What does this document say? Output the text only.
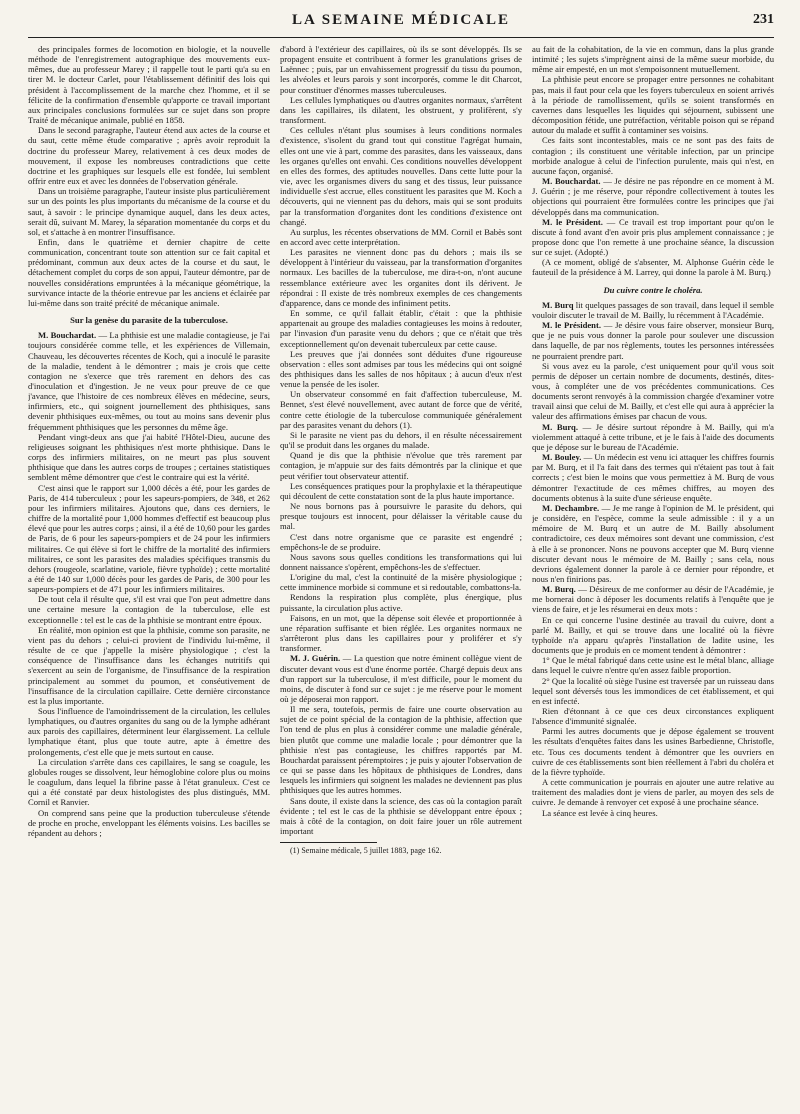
LA SEMAINE MÉDICALE	231

des principales formes de locomotion en biologie, et la nouvelle méthode de l'enregistrement autographique des mouvements eux-mêmes, due au professeur Marey ; il rappelle tout le parti qu'a su en tirer M. le docteur Carlet, pour l'établissement définitif des lois qui président à l'accomplissement de la marche chez l'homme, et il se félicite de la confirmation d'ensemble qu'apporte ce travail important aux principales conclusions formulées sur ce sujet dans son propre Traité de mécanique animale, publié en 1858.

Dans le second paragraphe, l'auteur étend aux actes de la course et du saut, cette même étude comparative ; après avoir reproduit la doctrine du professeur Marey, relativement à ces deux modes de mouvement, il expose les nombreuses contradictions que cette doctrine et les graphiques sur lesquels elle est fondée, lui semblent offrir entre eux et avec les données de l'observation générale.

Dans un troisième paragraphe, l'auteur insiste plus particulièrement sur un des points les plus importants du mécanisme de la course et du saut, à savoir : le principe dynamique auquel, dans les deux actes, serait dû, suivant M. Marey, la séparation momentanée du corps et du sol, et s'attache à en montrer l'insuffisance.

Enfin, dans le quatrième et dernier chapitre de cette communication, concentrant toute son attention sur ce fait capital et prédominant, commun aux deux actes de la course et du saut, le détachement complet du corps de son appui, l'auteur démontre, par de nouvelles considérations empruntées à la mécanique géométrique, la survivance intacte de la théorie entrevue par les anciens et éclairée par lui-même dans son traité précité de mécanique animale.

Sur la genèse du parasite de la tuberculose.

M. Bouchardat. — La phthisie est une maladie contagieuse, je l'ai toujours considérée comme telle, et les expériences de Villemain, Chauveau, les découvertes récentes de Koch, qui a inoculé le parasite de la maladie, tendent à le démontrer ; mais je crois que cette contagion ne s'exerce que très rarement en dehors des cas d'inoculation et d'ingestion. Je ne veux pour preuve de ce que j'avance, que l'histoire de ces nombreux élèves en médecine, seurs, infirmiers, etc., qui soignent journellement des phthisiques, sans devenir phthisiques eux-mêmes, ou tout au moins sans devenir plus fréquemment phthisiques que les personnes du même âge.

Pendant vingt-deux ans que j'ai habité l'Hôtel-Dieu, aucune des religieuses soignant les phthisiques n'est morte phthisique. Dans le corps des infirmiers militaires, on ne meurt pas plus souvent phthisique que dans les autres corps de troupes ; certaines statistiques semblent même démontrer que c'est le contraire qui est la vérité.

C'est ainsi que le rapport sur 1,000 décès a été, pour les gardes de Paris, de 414 tuberculeux ; pour les sapeurs-pompiers, de 348, et 262 pour les infirmiers militaires. Ajoutons que, dans ces derniers, le chiffre de la mortalité pour 1,000 hommes d'effectif est beaucoup plus élevé que pour les autres corps ; ainsi, il a été de 10,60 pour les gardes de Paris, de 6 pour les sapeurs-pompiers et de 24 pour les infirmiers militaires. Ce qui élève si fort le chiffre de la mortalité des infirmiers militaires, ce sont les parasites des maladies spécifiques transmis du dehors (rougeole, scarlatine, variole, fièvre typhoïde) ; cette mortalité a été de 140 sur 1,000 décès pour les gardes de Paris, de 300 pour les sapeurs-pompiers et de 471 pour les infirmiers militaires.

De tout cela il résulte que, s'il est vrai que l'on peut admettre dans une certaine mesure la contagion de la tuberculose, elle est exceptionnelle : tel est le cas de la phthisie se montrant entre époux.

En réalité, mon opinion est que la phthisie, comme son parasite, ne vient pas du dehors ; celui-ci provient de l'individu lui-même, il résulte de ce que j'appelle la misère physiologique ; c'est la conséquence de l'insuffisance dans les échanges nutritifs qui s'exercent au sein de l'organisme, de l'insuffisance de la respiration principalement au sommet du poumon, et conséutivement de l'insuffisance de la circulation capillaire. Cette dernière circonstance est la plus importante.

Sous l'influence de l'amoindrissement de la circulation, les cellules lymphatiques, ou d'autres organites du sang ou de la lymphe adhérant aux parois des capillaires, déterminent leur élargissement. La cellule lymphatique étant, plus que toute autre, apte à émettre des prolongements, c'est elle que je mets surtout en cause.

La circulation s'arrête dans ces capillaires, le sang se coagule, les globules rouges se dissolvent, leur hémoglobine colore plus ou moins le coagulum, dans lequel la fibrine passe à l'état granuleux. C'est ce qui a été constaté par deux histologistes des plus distingués, MM. Cornil et Ranvier.

On comprend sans peine que la production tuberculeuse s'étende de proche en proche, enveloppant les éléments voisins. Les bacilles se répandent au dehors ;

d'abord à l'extérieur des capillaires, où ils se sont développés. Ils se propagent ensuite et contribuent à former les granulations grises de Laënnec ; puis, par un envahissement progressif du tissu du poumon, les alvéoles et leurs parois y sont incorporés, comme le dit Charcot, pour constituer d'énormes masses tuberculeuses.

Les cellules lymphatiques ou d'autres organites normaux, s'arrêtent dans les capillaires, ils dilatent, les obstruent, y prolifèrent, s'y transforment.

Ces cellules n'étant plus soumises à leurs conditions normales d'existence, s'isolent du grand tout qui constitue l'agrégat humain, elles ont une vie à part, comme des parasites, dans les vaisseaux, dans les organes qu'elles ont envahi. Ces conditions nouvelles développent en elles des formes, des aptitudes nouvelles. Dans cette lutte pour la vie, avec les organismes divers du sang et des tissus, leur puissance individuelle s'est accrue, elles constituent les parasites que M. Koch a découverts, qui ne viennent pas du dehors, mais qui se sont produits par la transformation d'organites dont les conditions d'existence ont changé.

Au surplus, les récentes observations de MM. Cornil et Babès sont en accord avec cette interprétation.

Les parasites ne viennent donc pas du dehors ; mais ils se développent à l'intérieur du vaisseau, par la transformation d'organites normaux. Les bacilles de la tuberculose, me dira-t-on, n'ont aucune ressemblance extérieure avec les organites dont ils dérivent. Je répondrai : Il existe de très nombreux exemples de ces changements d'apparence, dans ce monde des infiniment petits.

En somme, ce qu'il fallait établir, c'était : que la phthisie appartenait au groupe des maladies contagieuses les moins à redouter, par l'invasion d'un parasite venu du dehors ; que ce n'était que très exceptionnellement qu'on devenait tuberculeux par cette cause.

Les preuves que j'ai données sont déduites d'une rigoureuse observation : elles sont admises par tous les médecins qui ont soigné des phthisiques dans les salles de nos hôpitaux ; à aucun d'eux n'est venue la pensée de les isoler.

Un observateur consommé en fait d'affection tuberculeuse, M. Bennet, s'est élevé nouvellement, avec autant de force que de vérité, contre cette étiologie de la tuberculose communiquée généralement par des parasites venant du dehors (1).

Si le parasite ne vient pas du dehors, il en résulte nécessairement qu'il se produit dans les organes du malade.

Quand je dis que la phthisie n'évolue que très rarement par contagion, je m'appuie sur des faits démontrés par la clinique et que peut vérifier tout observateur attentif.

Les conséquences pratiques pour la prophylaxie et la thérapeutique qui découlent de cette constatation sont de la plus haute importance.

Ne nous bornons pas à poursuivre le parasite du dehors, qui presque toujours est innocent, pour délaisser la véritable cause du mal.

C'est dans notre organisme que ce parasite est engendré ; empêchons-le de se produire.

Nous savons sous quelles conditions les transformations qui lui donnent naissance s'opèrent, empêchons-les de s'effectuer.

L'origine du mal, c'est la continuité de la misère physiologique ; cette imminence morbide si commune et si redoutable, combattons-la.

Rendons la respiration plus complète, plus énergique, plus puissante, la circulation plus active.

Faisons, en un mot, que la dépense soit élevée et proportionnée à une réparation suffisante et bien réglée. Les organites normaux ne s'arrêteront plus dans les capillaires pour y proliférer et s'y transformer.

M. J. Guérin. — La question que notre éminent collègue vient de discuter devant vous est d'une énorme portée. Chargé depuis deux ans d'un rapport sur la tuberculose, il m'est difficile, pour le moment du moins, de discuter à fond sur ce sujet : je me réserve pour le moment où je déposerai mon rapport.

Il me sera, toutefois, permis de faire une courte observation au sujet de ce point spécial de la contagion de la phthisie, affection que l'on tend de plus en plus à considérer comme une maladie générale, bien plutôt que comme une maladie locale ; pour démontrer que la phthisie n'est pas contagieuse, les chiffres rapportés par M. Bouchardat paraissent péremptoires ; je puis y ajouter l'observation de ce qui se passe dans les hôpitaux de phthisiques de Londres, dans lesquels les infirmiers qui soignent les malades ne deviennent pas plus phthisiques que les autres hommes.

Sans doute, il existe dans la science, des cas où la contagion paraît évidente ; tel est le cas de la phthisie se développant entre époux ; mais à côté de la contagion, on doit faire jouer un rôle autrement important

(1) Semaine médicale, 5 juillet 1883, page 162.

au fait de la cohabitation, de la vie en commun, dans la plus grande intimité ; les sujets s'imprègnent ainsi de la même sueur morbide, du même air empesté, en un mot s'empoisonnent mutuellement.

La phthisie peut encore se propager entre personnes ne cohabitant pas, mais il faut pour cela que les foyers tuberculeux en soient arrivés à la période de ramollissement, qu'ils se soient transformés en cavernes dans lesquelles les liquides qui séjournent, subissent une décomposition fétide, une putréfaction, véritable poison qui se répand autour du malade et suffit à contaminer ses voisins.

Ces faits sont incontestables, mais ce ne sont pas des faits de contagion ; ils constituent une véritable infection, par un principe morbide analogue à celui de l'infection purulente, mais qui n'est, en aucune façon, organisé.

M. Bouchardat. — Je désire ne pas répondre en ce moment à M. J. Guérin ; je me réserve, pour répondre collectivement à toutes les objections qui pourraient être formulées contre les principes que j'ai développés dans ma communication.

M. le Président. — Ce travail est trop important pour qu'on le discute à fond avant d'en avoir pris plus amplement connaissance ; je propose donc que l'on remette à une prochaine séance, la discussion sur ce sujet. (Adopté.)

(A ce moment, obligé de s'absenter, M. Alphonse Guérin cède le fauteuil de la présidence à M. Larrey, qui donne la parole à M. Burq.)

Du cuivre contre le choléra.

M. Burq lit quelques passages de son travail, dans lequel il semble vouloir discuter le travail de M. Bailly, lu récemment à l'Académie.

M. le Président. — Je désire vous faire observer, monsieur Burq, que je ne puis vous donner la parole pour soulever une discussion dans laquelle, de par nos règlements, toutes les personnes intéressées ne pourraient prendre part.

Si vous avez eu la parole, c'est uniquement pour qu'il vous soit permis de déposer un certain nombre de documents, destinés, dites-vous, à compléter une de vos précédentes communications. Ces documents seront renvoyés à la commission chargée d'examiner votre travail ainsi que celui de M. Bailly, et c'est elle qui aura à apprécier la valeur des affirmations émises par chacun de vous.

M. Burq. — Je désire surtout répondre à M. Bailly, qui m'a violemment attaqué à cette tribune, et je le fais à l'aide des documents que je dépose sur le bureau de l'Académie.

M. Bouley. — Un médecin est venu ici attaquer les chiffres fournis par M. Burq, et il l'a fait dans des termes qui n'étaient pas tout à fait corrects ; c'est bien le moins que vous permettiez à M. Burq de vous démontrer l'exactitude de ces mêmes chiffres, au moyen des documents obtenus à la suite d'une sérieuse enquête.

M. Dechambre. — Je me range à l'opinion de M. le président, qui je considère, en l'espèce, comme la seule admissible : il y a un mémoire de M. Burq et un autre de M. Bailly absolument contradictoire, ces deux mémoires sont devant une commission, c'est à elle à se prononcer. Nons ne pouvons accepter que M. Burq vienne discuter devant nous le mémoire de M. Bailly ; sans cela, nous devrions également donner la parole à ce dernier pour répondre, et nous n'en finirions pas.

M. Burq. — Désireux de me conformer au désir de l'Académie, je me bornerai donc à déposer les documents relatifs à l'enquête que je viens de faire, et je les résumerai en deux mots :

En ce qui concerne l'usine destinée au travail du cuivre, dont a parlé M. Bailly, et qui se trouve dans une localité où la fièvre typhoïde n'a apparu qu'après l'installation de ladite usine, les documents que je produis en ce moment tendent à démontrer :

1° Que le métal fabriqué dans cette usine est le métal blanc, alliage dans lequel le cuivre n'entre qu'en assez faible proportion.

2° Que la localité où siège l'usine est traversée par un ruisseau dans lequel sont déversés tous les immondices de cet établissement, et qui en est infecté.

Rien d'étonnant à ce que ces deux circonstances expliquent l'absence d'immunité signalée.

Parmi les autres documents que je dépose également se trouvent les résultats d'enquêtes faites dans les usines Barbedienne, Christofle, etc. Tous ces documents tendent à démontrer que les ouvriers en cuivre de ces établissements sont bien réellement à l'abri du choléra et de la fièvre typhoïde.

A cette communication je pourrais en ajouter une autre relative au traitement des maladies dont je viens de parler, au moyen des sels de cuivre. Je demande à renvoyer cet exposé à une prochaine séance.

La séance est levée à cinq heures.
